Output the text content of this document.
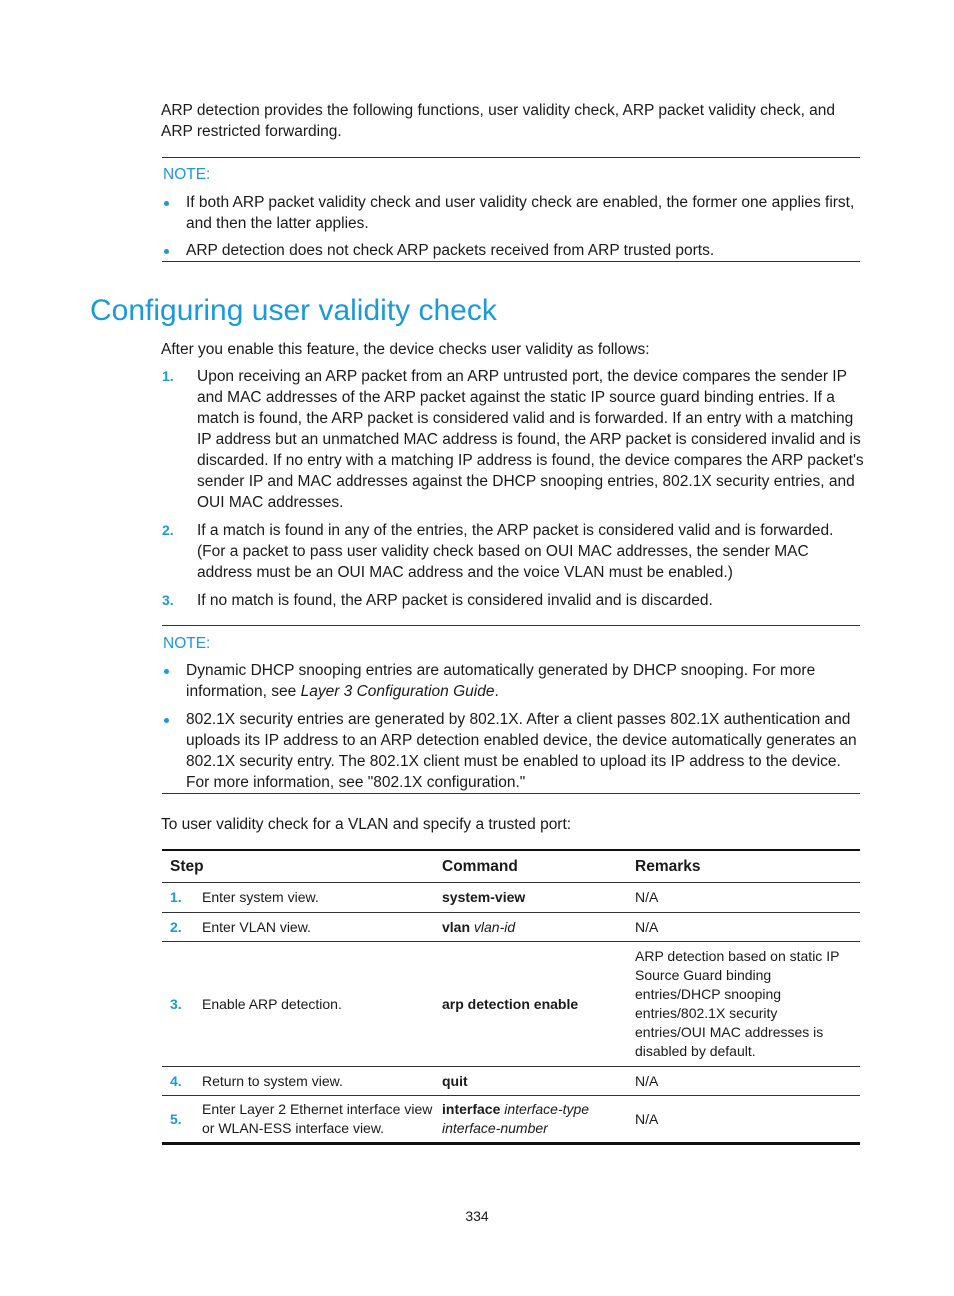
ARP detection provides the following functions, user validity check, ARP packet validity check, and ARP restricted forwarding.

NOTE:
If both ARP packet validity check and user validity check are enabled, the former one applies first, and then the latter applies.
ARP detection does not check ARP packets received from ARP trusted ports.
Configuring user validity check

After you enable this feature, the device checks user validity as follows:

1. Upon receiving an ARP packet from an ARP untrusted port, the device compares the sender IP and MAC addresses of the ARP packet against the static IP source guard binding entries. If a match is found, the ARP packet is considered valid and is forwarded. If an entry with a matching IP address but an unmatched MAC address is found, the ARP packet is considered invalid and is discarded. If no entry with a matching IP address is found, the device compares the ARP packet's sender IP and MAC addresses against the DHCP snooping entries, 802.1X security entries, and OUI MAC addresses.
2. If a match is found in any of the entries, the ARP packet is considered valid and is forwarded. (For a packet to pass user validity check based on OUI MAC addresses, the sender MAC address must be an OUI MAC address and the voice VLAN must be enabled.)
3. If no match is found, the ARP packet is considered invalid and is discarded.
NOTE:
Dynamic DHCP snooping entries are automatically generated by DHCP snooping. For more information, see Layer 3 Configuration Guide.
802.1X security entries are generated by 802.1X. After a client passes 802.1X authentication and uploads its IP address to an ARP detection enabled device, the device automatically generates an 802.1X security entry. The 802.1X client must be enabled to upload its IP address to the device. For more information, see "802.1X configuration."

To user validity check for a VLAN and specify a trusted port:

Step		Command	Remarks
1.	Enter system view.	system-view	N/A
2.	Enter VLAN view.	vlan vlan-id	N/A
3.	Enable ARP detection.	arp detection enable	ARP detection based on static IP Source Guard binding entries/DHCP snooping entries/802.1X security entries/OUI MAC addresses is disabled by default.
4.	Return to system view.	quit	N/A
5.	Enter Layer 2 Ethernet interface view or WLAN-ESS interface view.	interface interface-type interface-number	N/A
334
